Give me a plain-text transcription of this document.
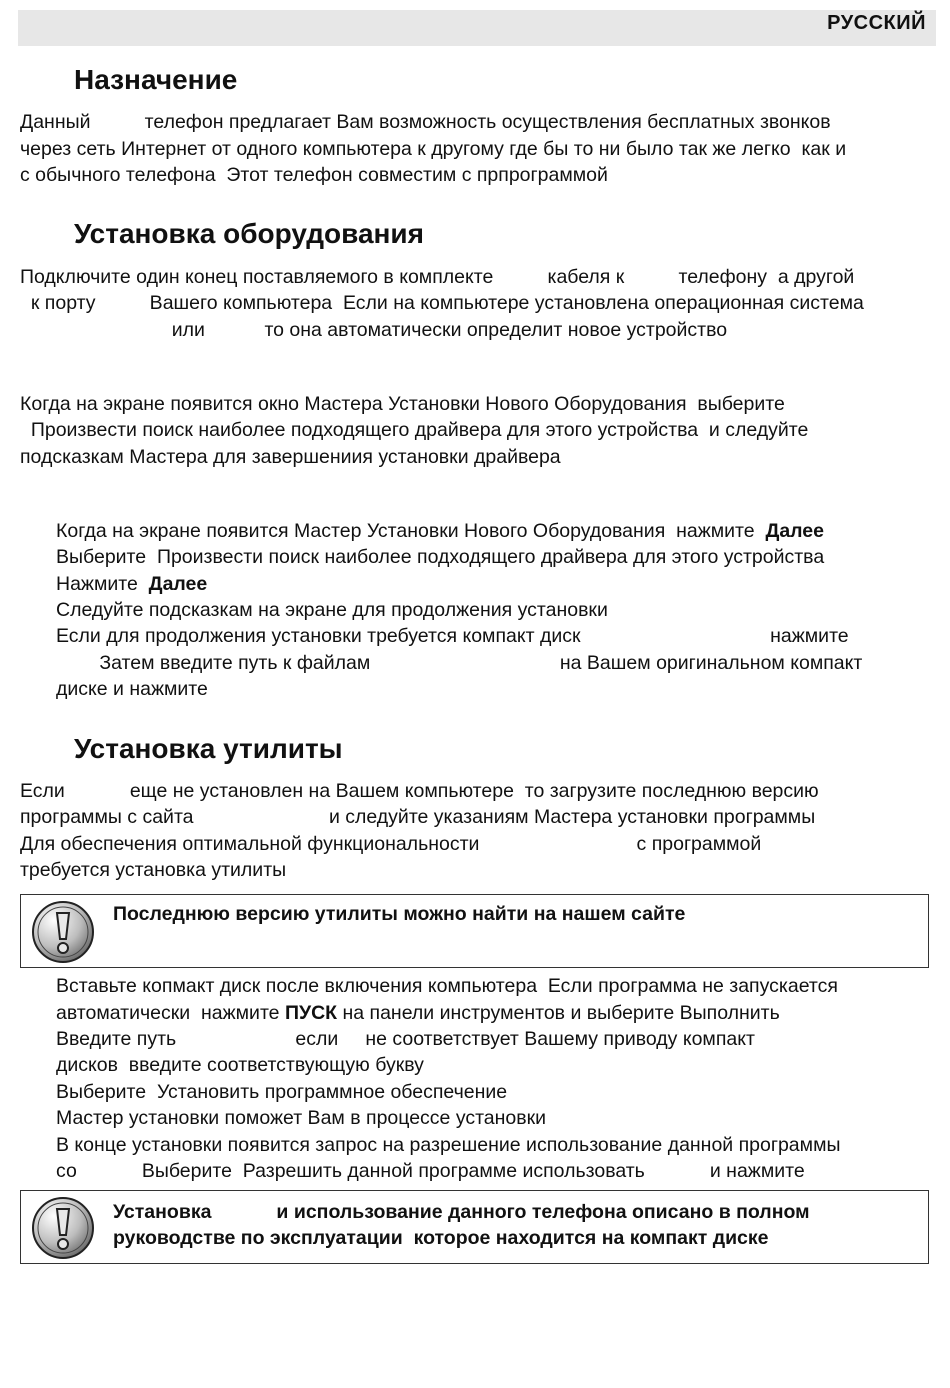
РУССКИЙ
Назначение
Данный          телефон предлагает Вам возможность осуществления бесплатных звонков
через сеть Интернет от одного компьютера к другому где бы то ни было так же легко  как и
с обычного телефона  Этот телефон совместим с прпрограммой
Установка оборудования
Подключите один конец поставляемого в комплекте          кабеля к          телефону  а другой
к порту          Вашего компьютера  Если на компьютере установлена операционная система
или           то она автоматически определит новое устройство
Когда на экране появится окно Мастера Установки Нового Оборудования  выберите
Произвести поиск наиболее подходящего драйвера для этого устройства  и следуйте
подсказкам Мастера для завершениия установки драйвера
Когда на экране появится Мастер Установки Нового Оборудования  нажмите  Далее
Выберите  Произвести поиск наиболее подходящего драйвера для этого устройства
Нажмите  Далее
Следуйте подсказкам на экране для продолжения установки
Если для продолжения установки требуется компакт диск                                   нажмите
Затем введите путь к файлам                                   на Вашем оригинальном компакт
диске и нажмите
Установка утилиты
Если            еще не установлен на Вашем компьютере  то загрузите последнюю версию
программы с сайта                         и следуйте указаниям Мастера установки программы
Для обеспечения оптимальной функциональности                             с программой
требуется установка утилиты
Последнюю версию утилиты можно найти на нашем сайте
Вставьте копмакт диск после включения компьютера  Если программа не запускается
автоматически  нажмите ПУСК на панели инструментов и выберите Выполнить
Введите путь                      если     не соответствует Вашему приводу компакт
дисков  введите соответствующую букву
Выберите  Установить программное обеспечение
Мастер установки поможет Вам в процессе установки
В конце установки появится запрос на разрешение использование данной программы
со            Выберите  Разрешить данной программе использовать            и нажмите
Установка            и использование данного телефона описано в полном
руководстве по эксплуатации  которое находится на компакт диске
